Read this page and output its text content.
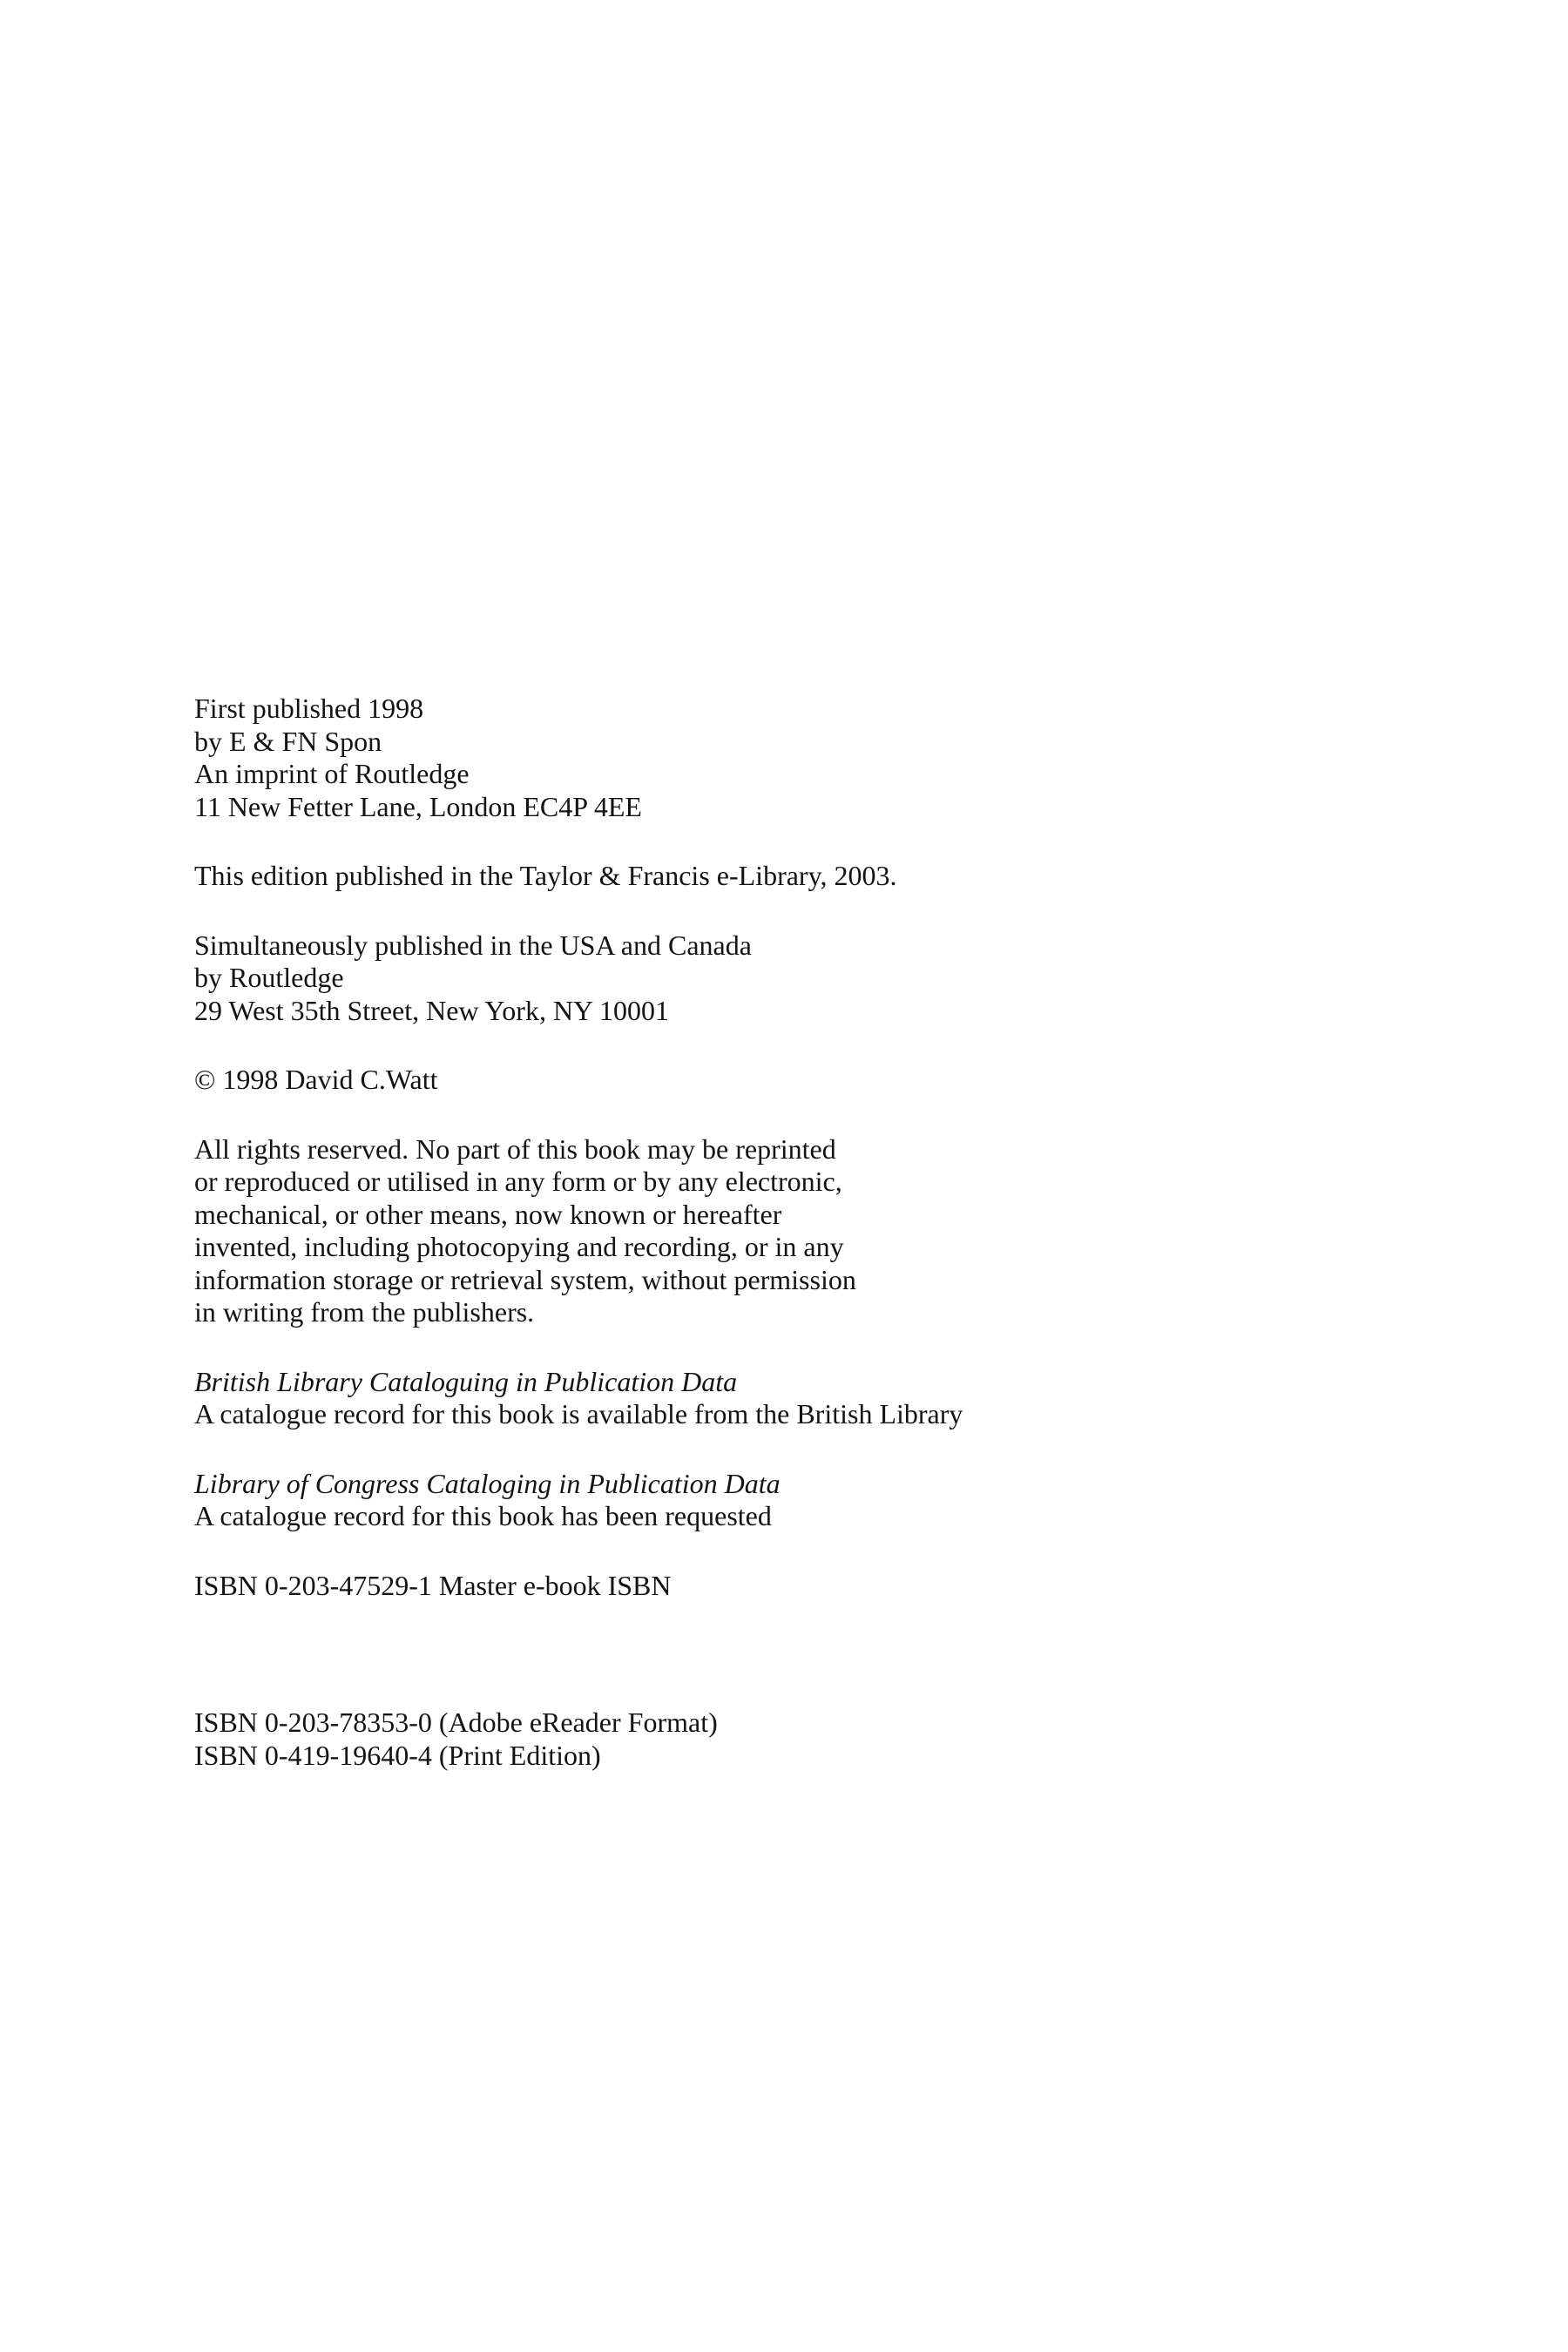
First published 1998
by E & FN Spon
An imprint of Routledge
11 New Fetter Lane, London EC4P 4EE
This edition published in the Taylor & Francis e-Library, 2003.
Simultaneously published in the USA and Canada
by Routledge
29 West 35th Street, New York, NY 10001
© 1998 David C.Watt
All rights reserved. No part of this book may be reprinted
or reproduced or utilised in any form or by any electronic,
mechanical, or other means, now known or hereafter
invented, including photocopying and recording, or in any
information storage or retrieval system, without permission
in writing from the publishers.
British Library Cataloguing in Publication Data
A catalogue record for this book is available from the British Library
Library of Congress Cataloging in Publication Data
A catalogue record for this book has been requested
ISBN 0-203-47529-1 Master e-book ISBN
ISBN 0-203-78353-0 (Adobe eReader Format)
ISBN 0-419-19640-4 (Print Edition)
